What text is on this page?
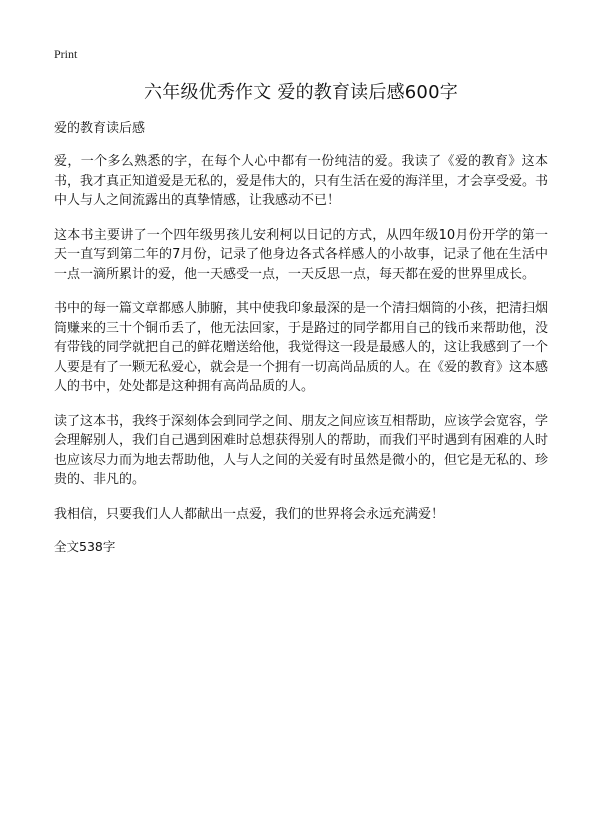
Print
六年级优秀作文 爱的教育读后感600字
爱的教育读后感

爱，一个多么熟悉的字，在每个人心中都有一份纯洁的爱。我读了《爱的教育》这本书，我才真正知道爱是无私的，爱是伟大的，只有生活在爱的海洋里，才会享受爱。书中人与人之间流露出的真挚情感，让我感动不已！

这本书主要讲了一个四年级男孩儿安利柯以日记的方式，从四年级10月份开学的第一天一直写到第二年的7月份，记录了他身边各式各样感人的小故事，记录了他在生活中一点一滴所累计的爱，他一天感受一点，一天反思一点，每天都在爱的世界里成长。

书中的每一篇文章都感人肺腑，其中使我印象最深的是一个清扫烟筒的小孩，把清扫烟筒赚来的三十个铜币丢了，他无法回家，于是路过的同学都用自己的钱币来帮助他，没有带钱的同学就把自己的鲜花赠送给他，我觉得这一段是最感人的，这让我感到了一个人要是有了一颗无私爱心，就会是一个拥有一切高尚品质的人。在《爱的教育》这本感人的书中，处处都是这种拥有高尚品质的人。

读了这本书，我终于深刻体会到同学之间、朋友之间应该互相帮助，应该学会宽容，学会理解别人，我们自己遇到困难时总想获得别人的帮助，而我们平时遇到有困难的人时也应该尽力而为地去帮助他，人与人之间的关爱有时虽然是微小的，但它是无私的、珍贵的、非凡的。

我相信，只要我们人人都献出一点爱，我们的世界将会永远充满爱！

全文538字
